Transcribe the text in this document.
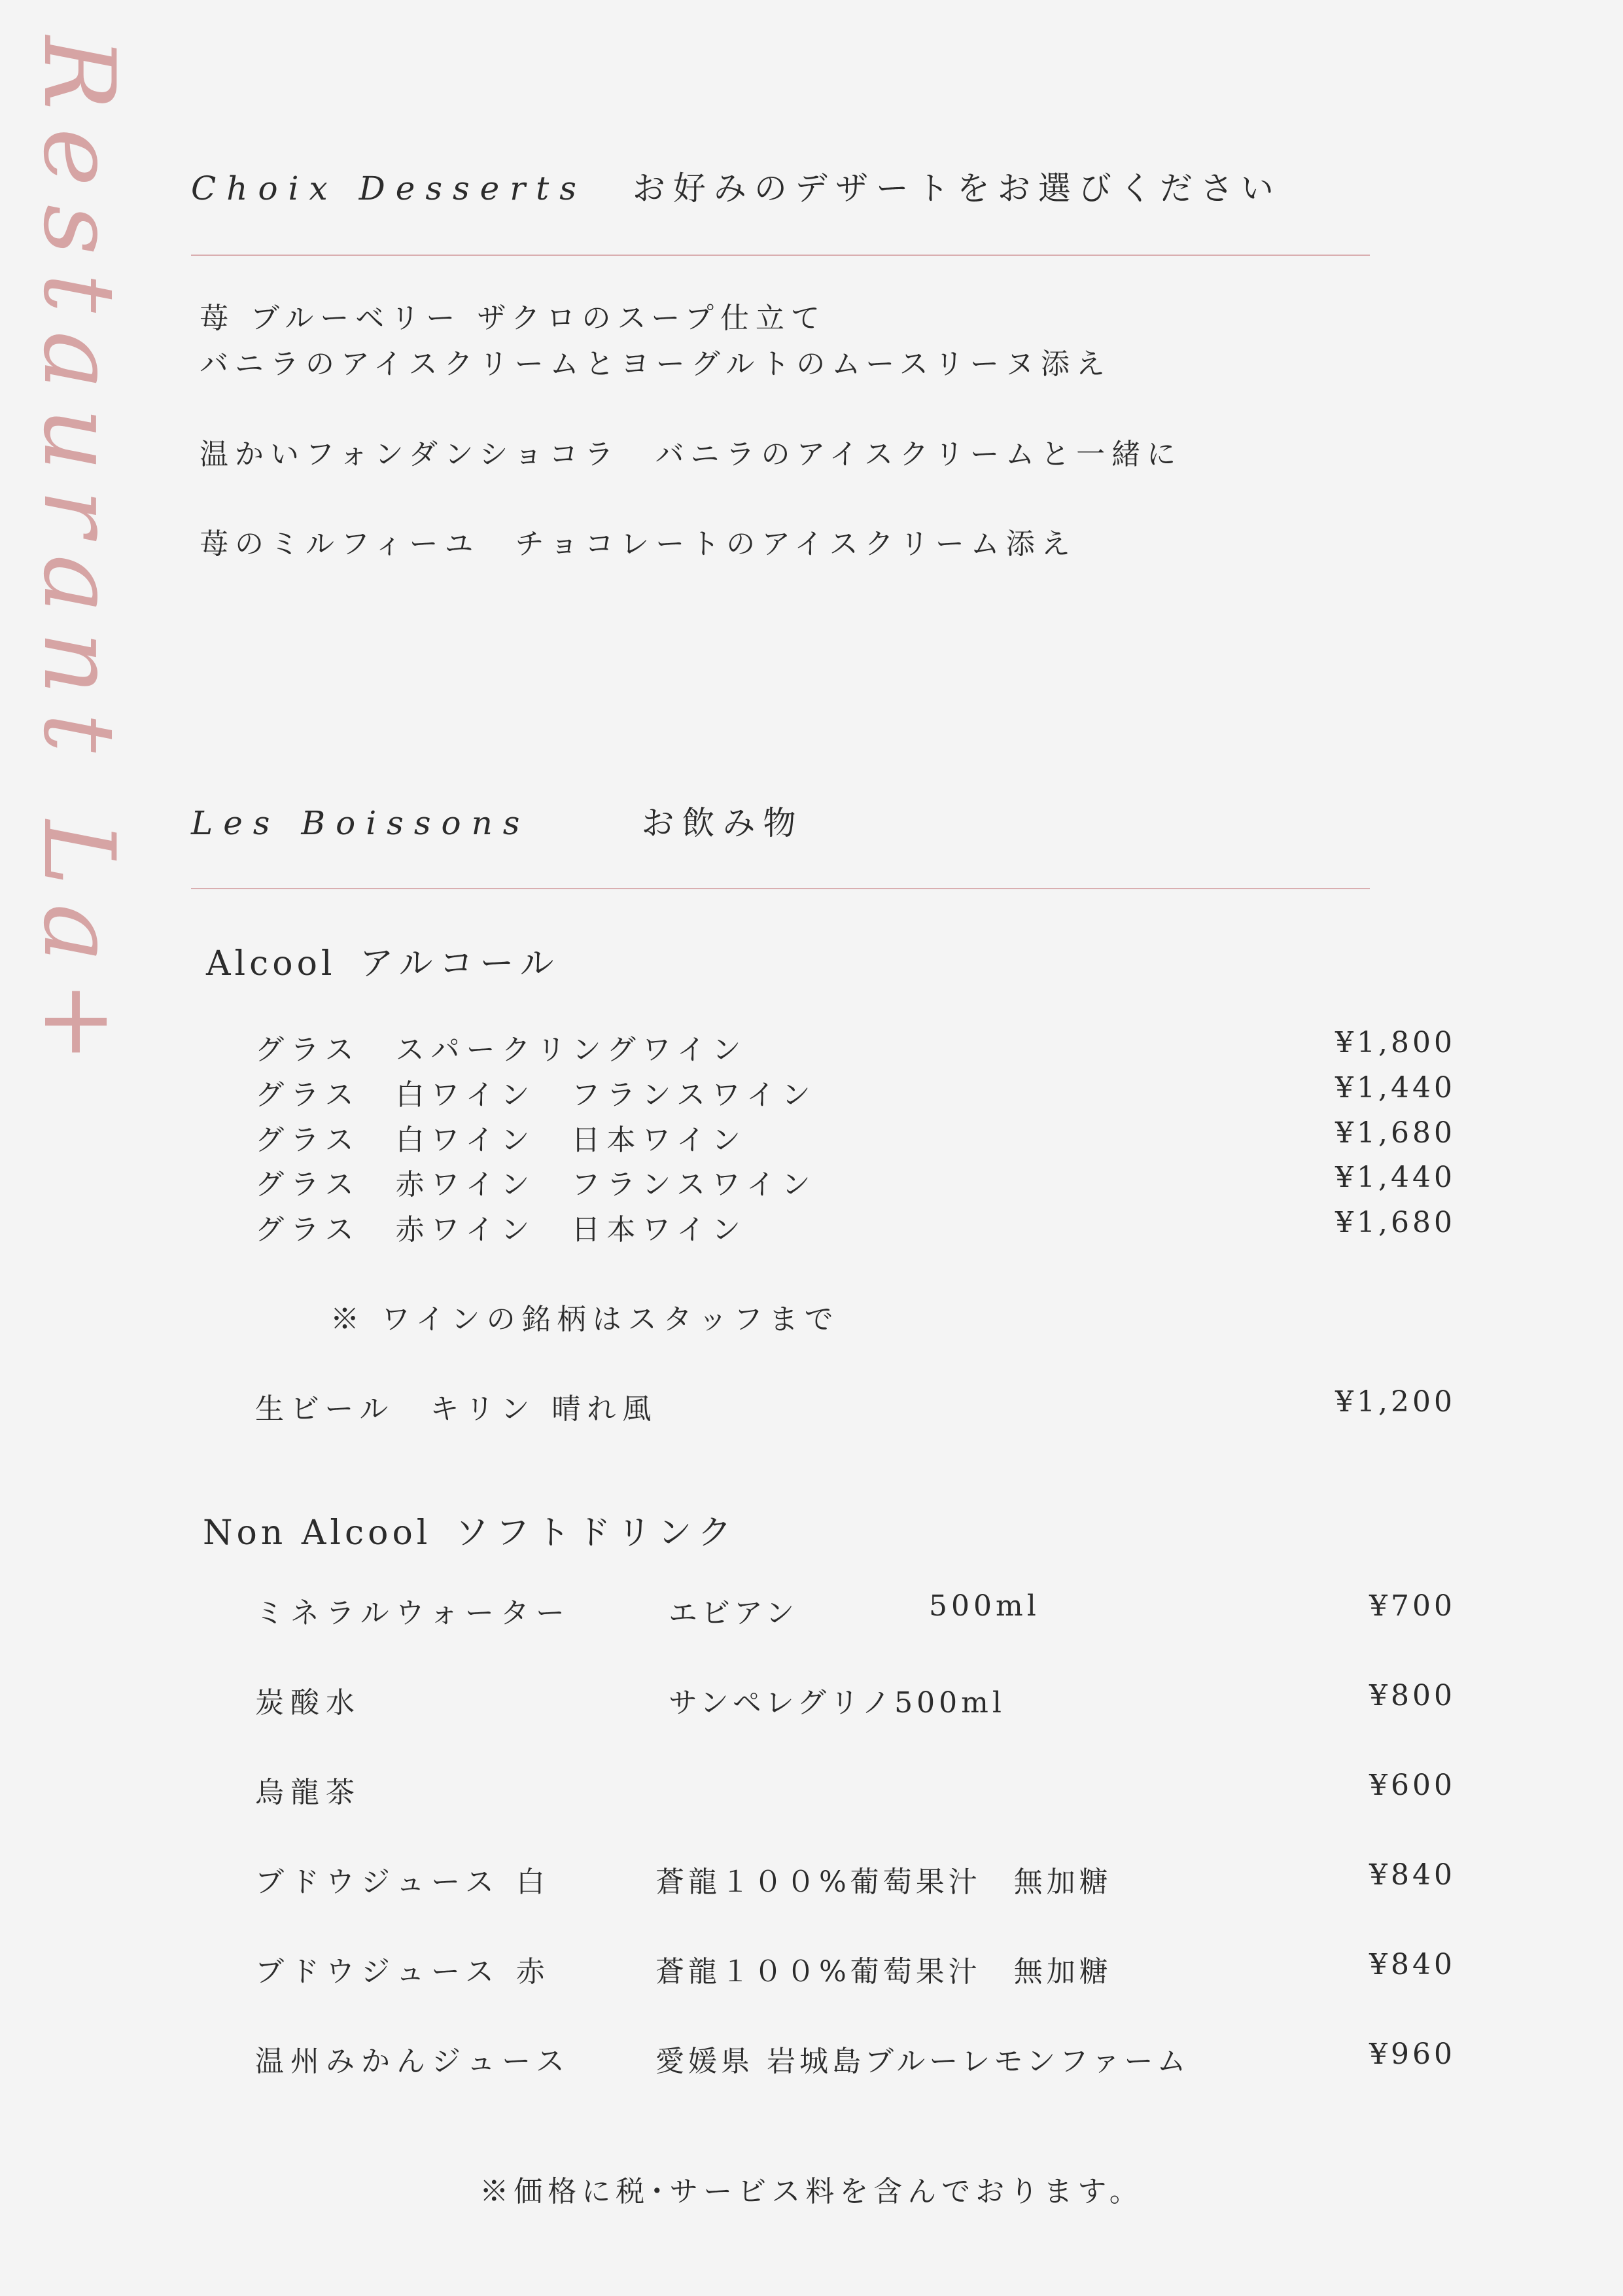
Restaurant La+ Choix Desserts お好みのデザートをお選びください
苺 ブルーベリー ザクロのスープ仕立て
バニラのアイスクリームとヨーグルトのムースリーヌ添え
温かいフォンダンショコラ　バニラのアイスクリームと一緒に
苺のミルフィーユ　チョコレートのアイスクリーム添え
Les Boissons	お飲み物
Alcool アルコール
グラス　スパークリングワイン	¥1,800
グラス　白ワイン　フランスワイン	¥1,440
グラス　白ワイン　日本ワイン	¥1,680
グラス　赤ワイン　フランスワイン	¥1,440
グラス　赤ワイン　日本ワイン	¥1,680
※ ワインの銘柄はスタッフまで
生ビール　キリン 晴れ風	¥1,200
Non Alcool ソフトドリンク
ミネラルウォーター	エビアン	500ml	¥700
炭酸水	サンペレグリノ500ml	¥800
烏龍茶	¥600
ブドウジュース 白	蒼龍１００%葡萄果汁　無加糖	¥840
ブドウジュース 赤	蒼龍１００%葡萄果汁　無加糖	¥840
温州みかんジュース	愛媛県 岩城島ブルーレモンファーム	¥960
※価格に税･サービス料を含んでおります。
